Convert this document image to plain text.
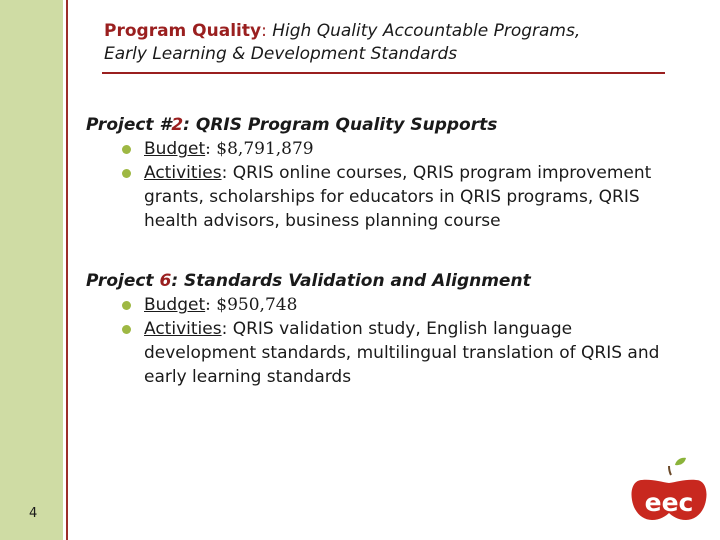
Program Quality: High Quality Accountable Programs,
Early Learning & Development Standards
Project #2: QRIS Program Quality Supports
Budget: $8,791,879
Activities: QRIS online courses, QRIS program improvement grants, scholarships for educators in QRIS programs, QRIS health advisors, business planning course
Project 6: Standards Validation and Alignment
Budget: $950,748
Activities: QRIS validation study, English language development standards, multilingual translation of QRIS and early learning standards
4	eec
